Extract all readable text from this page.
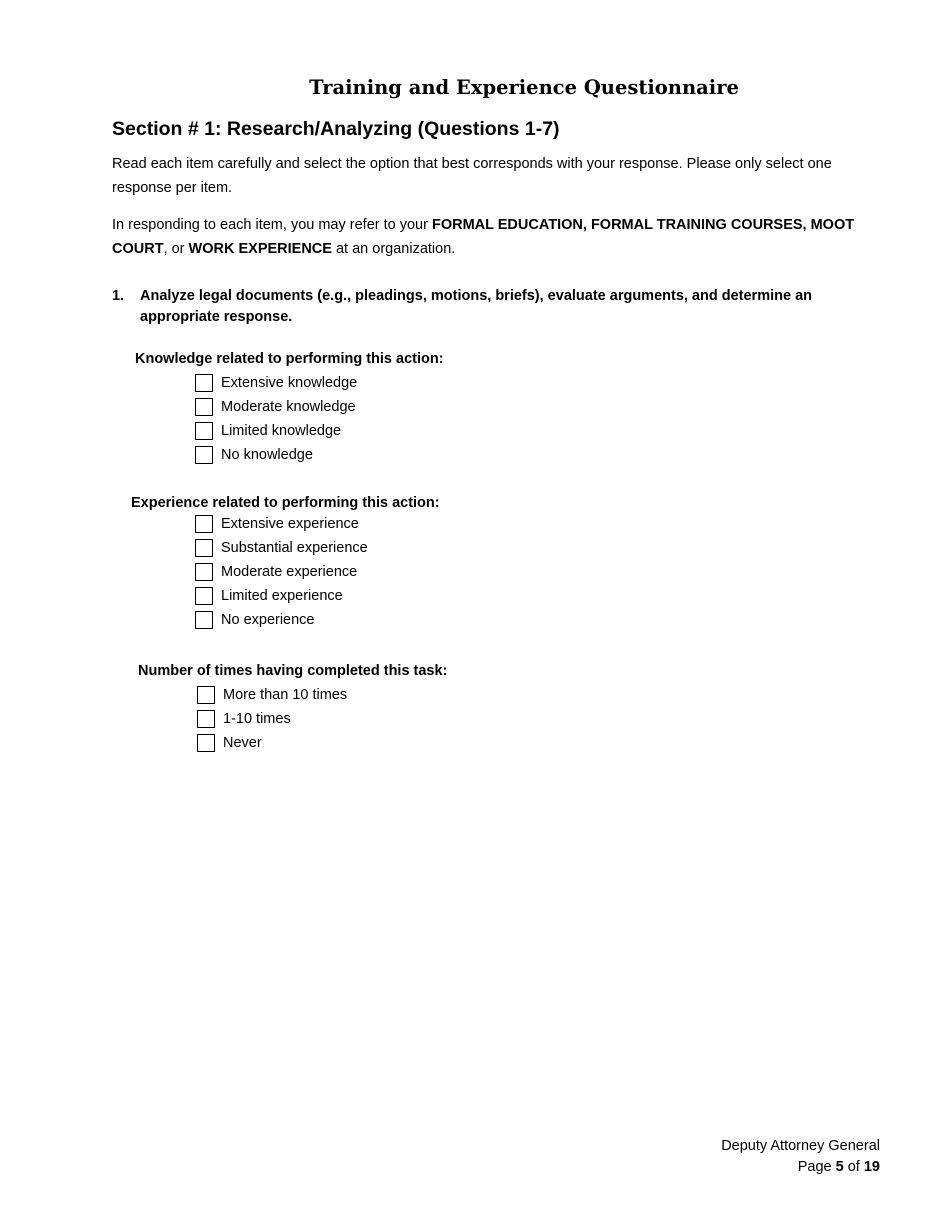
Training and Experience Questionnaire
Section # 1: Research/Analyzing (Questions 1-7)
Read each item carefully and select the option that best corresponds with your response. Please only select one response per item.
In responding to each item, you may refer to your FORMAL EDUCATION, FORMAL TRAINING COURSES, MOOT COURT, or WORK EXPERIENCE at an organization.
1. Analyze legal documents (e.g., pleadings, motions, briefs), evaluate arguments, and determine an appropriate response.
Knowledge related to performing this action:
Extensive knowledge
Moderate knowledge
Limited knowledge
No knowledge
Experience related to performing this action:
Extensive experience
Substantial experience
Moderate experience
Limited experience
No experience
Number of times having completed this task:
More than 10 times
1-10 times
Never
Deputy Attorney General
Page 5 of 19
